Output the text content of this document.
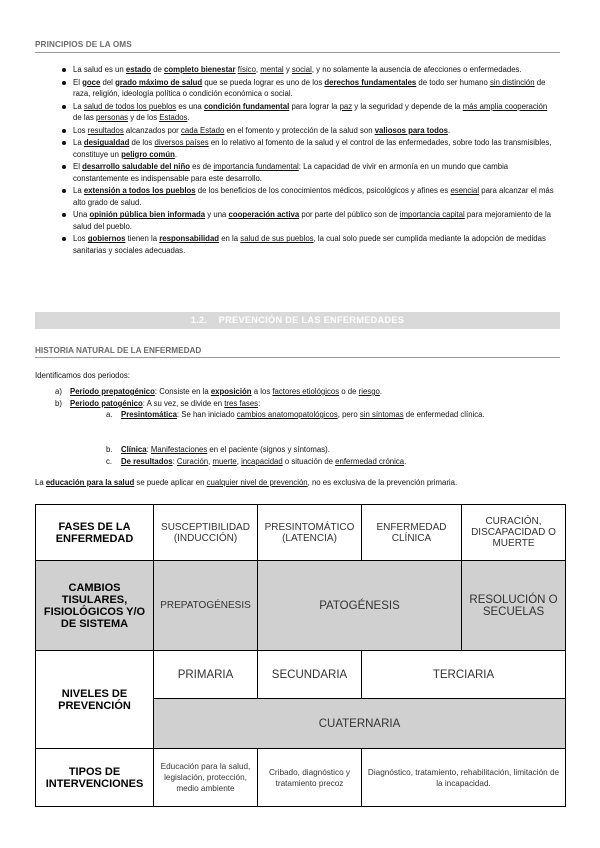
PRINCIPIOS DE LA OMS
La salud es un estado de completo bienestar físico, mental y social, y no solamente la ausencia de afecciones o enfermedades.
El goce del grado máximo de salud que se pueda lograr es uno de los derechos fundamentales de todo ser humano sin distinción de raza, religión, ideología política o condición económica o social.
La salud de todos los pueblos es una condición fundamental para lograr la paz y la seguridad y depende de la más amplia cooperación de las personas y de los Estados.
Los resultados alcanzados por cada Estado en el fomento y protección de la salud son valiosos para todos.
La desigualdad de los diversos países en lo relativo al fomento de la salud y el control de las enfermedades, sobre todo las transmisibles, constituye un peligro común.
El desarrollo saludable del niño es de importancia fundamental: La capacidad de vivir en armonía en un mundo que cambia constantemente es indispensable para este desarrollo.
La extensión a todos los pueblos de los beneficios de los conocimientos médicos, psicológicos y afines es esencial para alcanzar el más alto grado de salud.
Una opinión pública bien informada y una cooperación activa por parte del público son de importancia capital para mejoramiento de la salud del pueblo.
Los gobiernos tienen la responsabilidad en la salud de sus pueblos, la cual solo puede ser cumplida mediante la adopción de medidas sanitarias y sociales adecuadas.
1.2. PREVENCIÓN DE LAS ENFERMEDADES
HISTORIA NATURAL DE LA ENFERMEDAD
Identificamos dos periodos:
a) Periodo prepatogénico: Consiste en la exposición a los factores etiológicos o de riesgo.
b) Periodo patogénico: A su vez, se divide en tres fases:
a. Presintomática: Se han iniciado cambios anatomopatológicos, pero sin síntomas de enfermedad clínica.
b. Clínica: Manifestaciones en el paciente (signos y síntomas).
c. De resultados: Curación, muerte, incapacidad o situación de enfermedad crónica.
La educación para la salud se puede aplicar en cualquier nivel de prevención, no es exclusiva de la prevención primaria.
FASES DE LA ENFERMEDAD	SUSCEPTIBILIDAD (INDUCCIÓN)	PRESINTOMÁTICO (LATENCIA)	ENFERMEDAD CLÍNICA	CURACIÓN, DISCAPACIDAD O MUERTE
CAMBIOS TISULARES, FISIOLÓGICOS Y/O DE SISTEMA	PREPATOGÉNESIS	PATOGÉNESIS		RESOLUCIÓN O SECUELAS
NIVELES DE PREVENCIÓN	PRIMARIA	SECUNDARIA	TERCIARIA	
	CUATERNARIA			
TIPOS DE INTERVENCIONES	Educación para la salud, legislación, protección, medio ambiente	Cribado, diagnóstico y tratamiento precoz	Diagnóstico, tratamiento, rehabilitación, limitación de la incapacidad.	
